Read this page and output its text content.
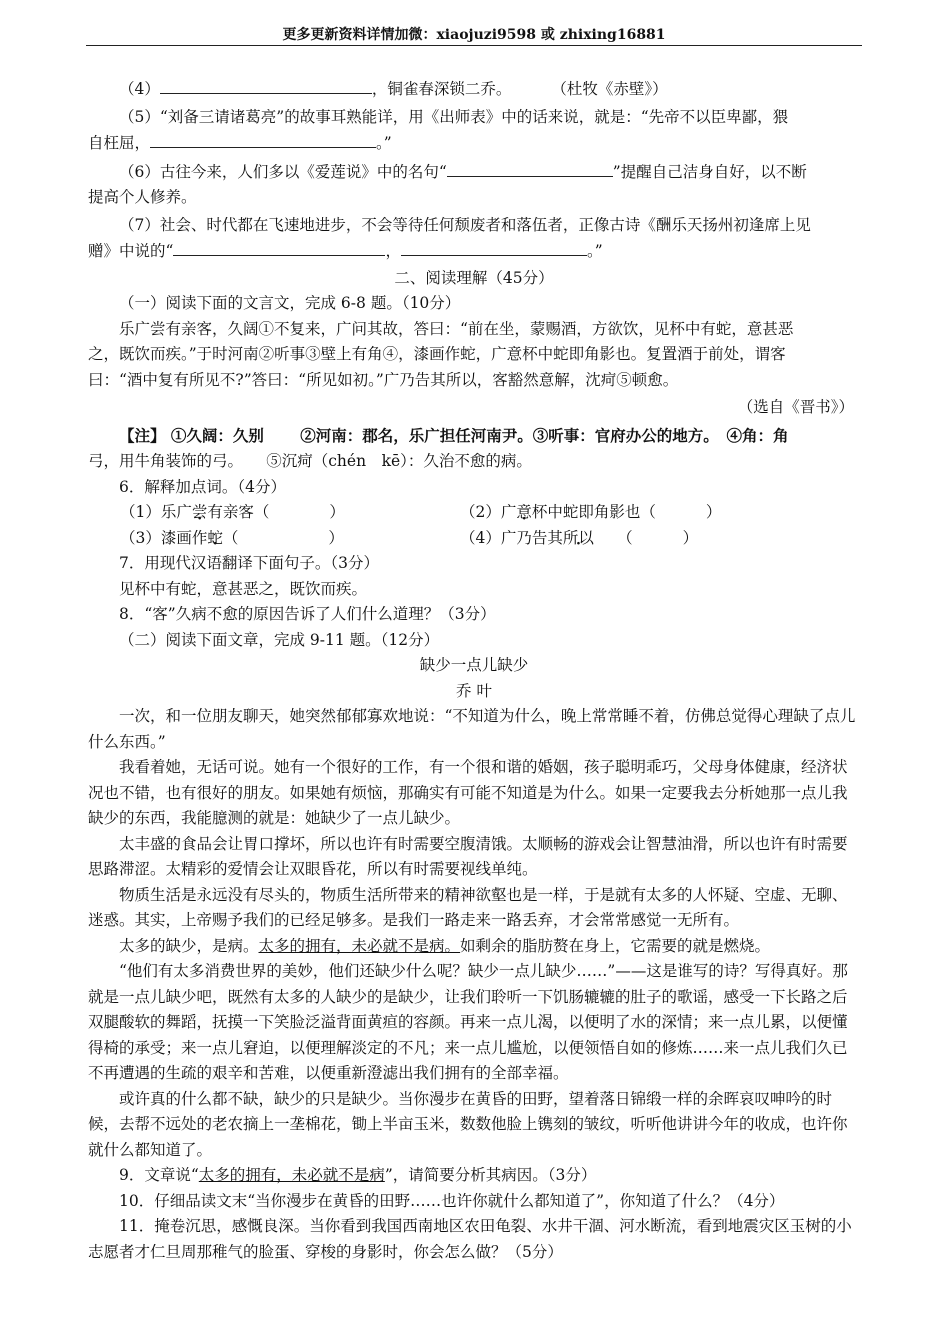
更多更新资料详情加微：xiaojuzi9598 或 zhixing16881

（4）	，铜雀春深锁二乔。	（杜牧《赤壁》）

（5）“刘备三请诸葛亮”的故事耳熟能详，用《出师表》中的话来说，就是：“先帝不以臣卑鄙，猥

自枉屈，	。”

（6）古往今来，人们多以《爱莲说》中的名句“	”提醒自己洁身自好，以不断

提高个人修养。

（7）社会、时代都在飞速地进步，不会等待任何颓废者和落伍者，正像古诗《酬乐天扬州初逢席上见

赠》中说的“	，	。”

二、阅读理解（45分）

（一）阅读下面的文言文，完成 6-8 题。（10分）

乐广尝有亲客，久阔①不复来，广问其故，答曰：“前在坐，蒙赐酒，方欲饮，见杯中有蛇，意甚恶

之，既饮而疾。”于时河南②听事③壁上有角④，漆画作蛇，广意杯中蛇即角影也。复置酒于前处，谓客

曰：“酒中复有所见不?”答曰：“所见如初。”广乃告其所以，客豁然意解，沈疴⑤顿愈。

（选自《晋书》）

【注】 ①久阔：久别　　 ②河南：郡名，乐广担任河南尹。③听事：官府办公的地方。　④角：角

弓，用牛角装饰的弓。　　⑤沉疴（chén　kē）：久治不愈的病。

6．解释加点词。（4分）

（1）乐广尝有亲客（	）	（2）广意杯中蛇即角影也（	）
（3）漆画作蛇（	）	（4）广乃告其所以　　（	）

7．用现代汉语翻译下面句子。（3分）

见杯中有蛇，意甚恶之，既饮而疾。

8．“客”久病不愈的原因告诉了人们什么道理？（3分）

（二）阅读下面文章，完成 9-11 题。（12分）

缺少一点儿缺少

乔 叶

一次，和一位朋友聊天，她突然郁郁寡欢地说：“不知道为什么，晚上常常睡不着，仿佛总觉得心理缺了点儿什么东西。”

我看着她，无话可说。她有一个很好的工作，有一个很和谐的婚姻，孩子聪明乖巧，父母身体健康，经济状况也不错，也有很好的朋友。如果她有烦恼，那确实有可能不知道是为什么。如果一定要我去分析她那一点儿我缺少的东西，我能臆测的就是：她缺少了一点儿缺少。

太丰盛的食品会让胃口撑坏，所以也许有时需要空腹清饿。太顺畅的游戏会让智慧油滑，所以也许有时需要思路滞涩。太精彩的爱情会让双眼昏花，所以有时需要视线单纯。

物质生活是永远没有尽头的，物质生活所带来的精神欲壑也是一样，于是就有太多的人怀疑、空虚、无聊、迷惑。其实，上帝赐予我们的已经足够多。是我们一路走来一路丢弃，才会常常感觉一无所有。

太多的缺少，是病。太多的拥有，未必就不是病。如剩余的脂肪赘在身上，它需要的就是燃烧。

“他们有太多消费世界的美妙，他们还缺少什么呢？缺少一点儿缺少……”——这是谁写的诗？写得真好。那就是一点儿缺少吧，既然有太多的人缺少的是缺少，让我们聆听一下饥肠辘辘的肚子的歌谣，感受一下长路之后双腿酸软的舞蹈，抚摸一下笑脸泛溢背面黄疸的容颜。再来一点儿渴，以便明了水的深情；来一点儿累，以便懂得椅的承受；来一点儿窘迫，以便理解淡定的不凡；来一点儿尴尬，以便领悟自如的修炼……来一点儿我们久已不再遭遇的生疏的艰辛和苦难，以便重新澄滤出我们拥有的全部幸福。

或许真的什么都不缺，缺少的只是缺少。当你漫步在黄昏的田野，望着落日锦缎一样的余晖哀叹呻吟的时候，去帮不远处的老农摘上一垄棉花，锄上半亩玉米，数数他脸上镌刻的皱纹，听听他讲讲今年的收成，也许你就什么都知道了。

9．文章说“太多的拥有，未必就不是病”，请简要分析其病因。（3分）

10．仔细品读文末“当你漫步在黄昏的田野……也许你就什么都知道了”，你知道了什么？（4分）

11．掩卷沉思，感慨良深。当你看到我国西南地区农田龟裂、水井干涸、河水断流，看到地震灾区玉树的小志愿者才仁旦周那稚气的脸蛋、穿梭的身影时，你会怎么做？（5分）
